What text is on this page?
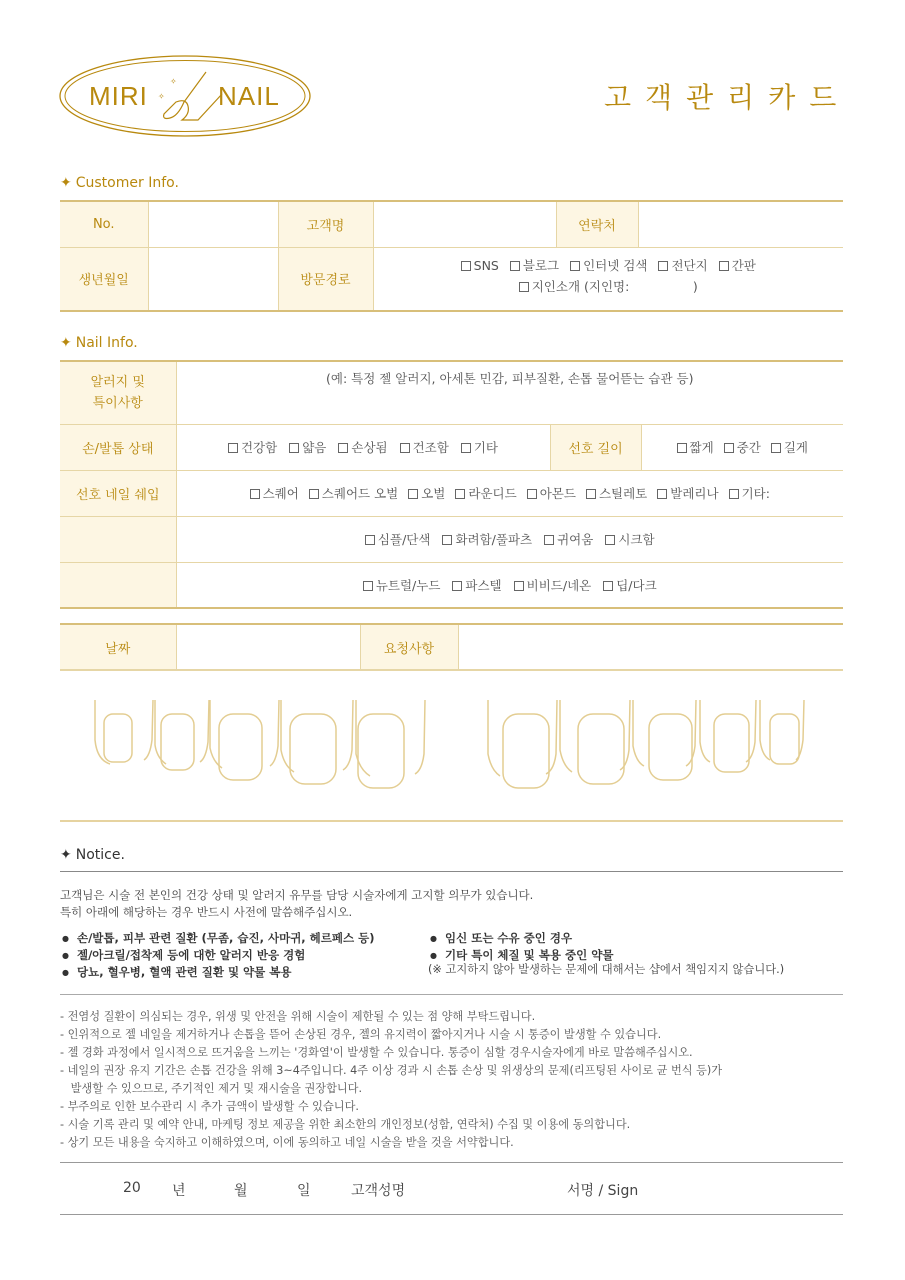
✧
✧
MIRI	NAIL	고객관리카드
✦ Customer Info.
No.		고객명		연락처	
생년월일		방문경로	
SNS	블로그	인터넷 검색	전단지	간판
지인소개 (지인명:                )
✦ Nail Info.
알러지 및
특이사항	(예: 특정 젤 알러지, 아세톤 민감, 피부질환, 손톱 물어뜯는 습관 등)		
손/발톱 상태	건강함 얇음 손상됨 건조함 기타	선호 길이	짧게 중간 길게

선호 네일 쉐입	스퀘어	스퀘어드 오벌	오벌	라운디드	아몬드	스틸레토	발레리나	기타:

	심플/단색 화려함/풀파츠 귀여움 시크함		

	뉴트럴/누드 파스텔 비비드/네온 딥/다크		
날짜		요청사항	
✦ Notice.
고객님은 시술 전 본인의 건강 상태 및 알러지 유무를 담당 시술자에게 고지할 의무가 있습니다.
특히 아래에 해당하는 경우 반드시 사전에 말씀해주십시오.
● 손/발톱, 피부 관련 질환 (무좀, 습진, 사마귀, 헤르페스 등)
● 젤/아크릴/접착제 등에 대한 알러지 반응 경험
● 당뇨, 혈우병, 혈액 관련 질환 및 약물 복용
● 임신 또는 수유 중인 경우
● 기타 특이 체질 및 복용 중인 약물
(※ 고지하지 않아 발생하는 문제에 대해서는 샵에서 책임지지 않습니다.)
- 전염성 질환이 의심되는 경우, 위생 및 안전을 위해 시술이 제한될 수 있는 점 양해 부탁드립니다.
- 인위적으로 젤 네일을 제거하거나 손톱을 뜯어 손상된 경우, 젤의 유지력이 짧아지거나 시술 시 통증이 발생할 수 있습니다.
- 젤 경화 과정에서 일시적으로 뜨거움을 느끼는 '경화열'이 발생할 수 있습니다. 통증이 심할 경우시술자에게 바로 말씀해주십시오.
- 네일의 권장 유지 기간은 손톱 건강을 위해 3~4주입니다. 4주 이상 경과 시 손톱 손상 및 위생상의 문제(리프팅된 사이로 균 번식 등)가
발생할 수 있으므로, 주기적인 제거 및 재시술을 권장합니다.
- 부주의로 인한 보수관리 시 추가 금액이 발생할 수 있습니다.
- 시술 기록 관리 및 예약 안내, 마케팅 정보 제공을 위한 최소한의 개인정보(성함, 연락처) 수집 및 이용에 동의합니다.
- 상기 모든 내용을 숙지하고 이해하였으며, 이에 동의하고 네일 시술을 받을 것을 서약합니다.
20 년	월	일	고객성명	서명 / Sign
